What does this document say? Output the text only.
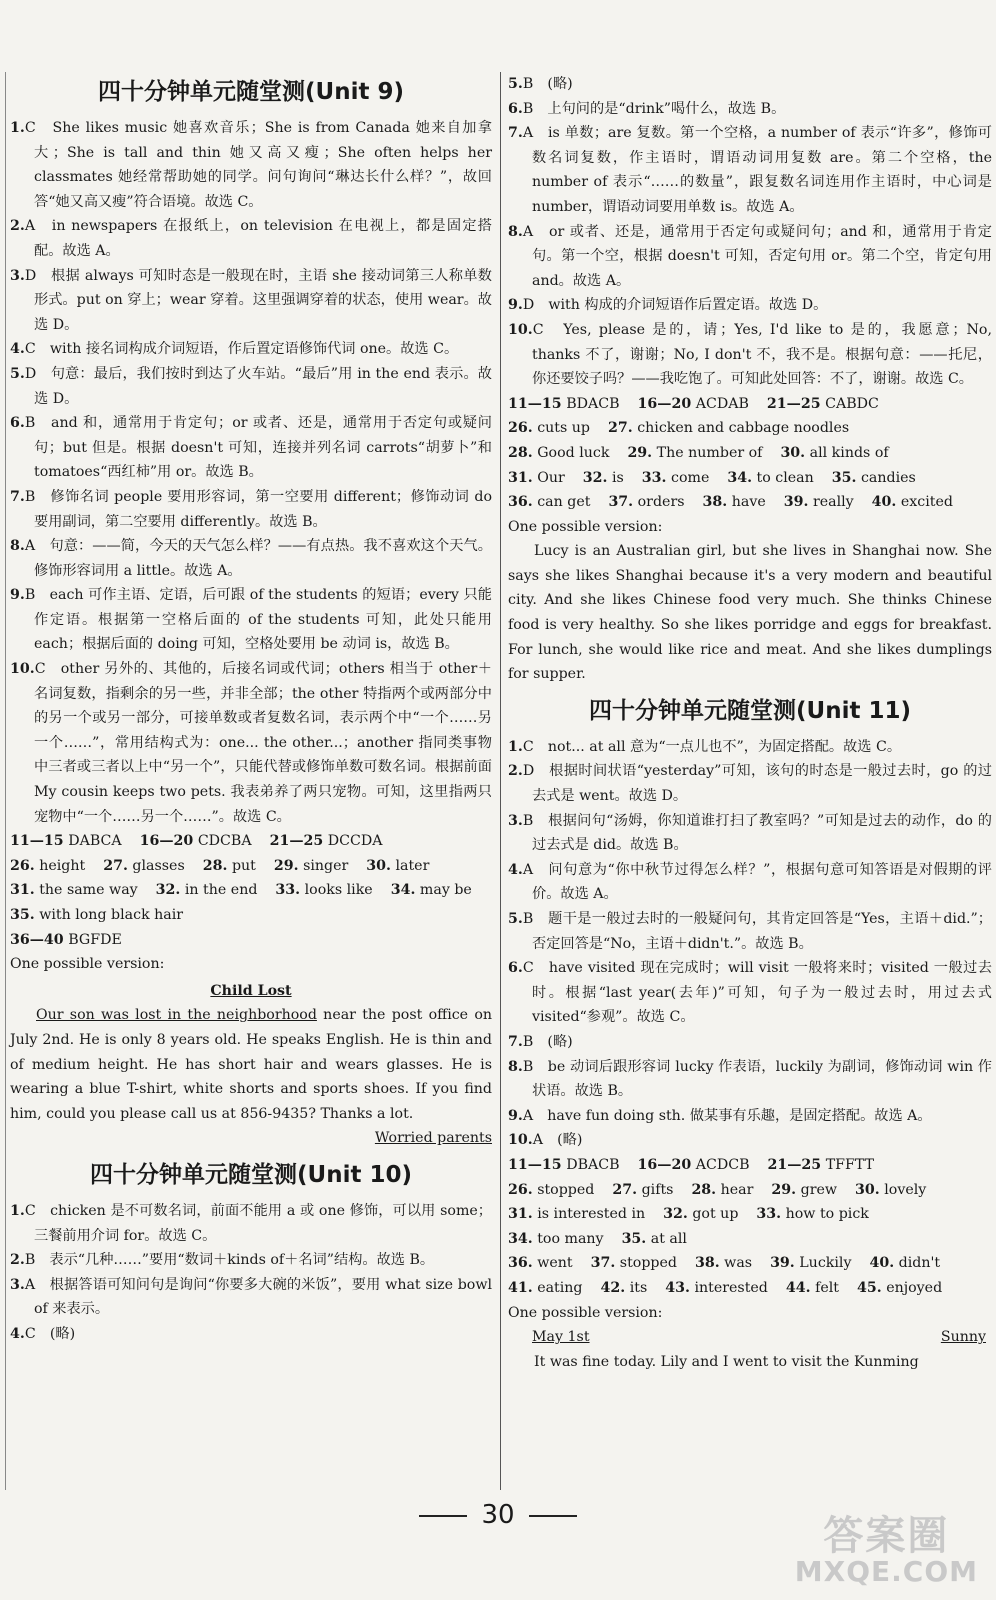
四十分钟单元随堂测(Unit 9)
1.C　She likes music 她喜欢音乐；She is from Canada 她来自加拿大；She is tall and thin 她又高又瘦；She often helps her classmates 她经常帮助她的同学。问句询问“琳达长什么样？”，故回答“她又高又瘦”符合语境。故选 C。
2.A　in newspapers 在报纸上，on television 在电视上，都是固定搭配。故选 A。
3.D　根据 always 可知时态是一般现在时，主语 she 接动词第三人称单数形式。put on 穿上；wear 穿着。这里强调穿着的状态，使用 wear。故选 D。
4.C　with 接名词构成介词短语，作后置定语修饰代词 one。故选 C。
5.D　句意：最后，我们按时到达了火车站。“最后”用 in the end 表示。故选 D。
6.B　and 和，通常用于肯定句；or 或者、还是，通常用于否定句或疑问句；but 但是。根据 doesn't 可知，连接并列名词 carrots“胡萝卜”和 tomatoes“西红柿”用 or。故选 B。
7.B　修饰名词 people 要用形容词，第一空要用 different；修饰动词 do 要用副词，第二空要用 differently。故选 B。
8.A　句意：——简，今天的天气怎么样？——有点热。我不喜欢这个天气。修饰形容词用 a little。故选 A。
9.B　each 可作主语、定语，后可跟 of the students 的短语；every 只能作定语。根据第一空格后面的 of the students 可知，此处只能用 each；根据后面的 doing 可知，空格处要用 be 动词 is，故选 B。
10.C　other 另外的、其他的，后接名词或代词；others 相当于 other＋名词复数，指剩余的另一些，并非全部；the other 特指两个或两部分中的另一个或另一部分，可接单数或者复数名词，表示两个中“一个……另一个……”，常用结构式为：one... the other...；another 指同类事物中三者或三者以上中“另一个”，只能代替或修饰单数可数名词。根据前面 My cousin keeps two pets. 我表弟养了两只宠物。可知，这里指两只宠物中“一个……另一个……”。故选 C。
11—15 DABCA 16—20 CDCBA 21—25 DCCDA
26. height 27. glasses 28. put 29. singer 30. later
31. the same way 32. in the end 33. looks like 34. may be
35. with long black hair
36—40 BGFDE
One possible version:
Child Lost
Our son was lost in the neighborhood near the post office on July 2nd. He is only 8 years old. He speaks English. He is thin and of medium height. He has short hair and wears glasses. He is wearing a blue T-shirt, white shorts and sports shoes. If you find him, could you please call us at 856-9435? Thanks a lot.
Worried parents
四十分钟单元随堂测(Unit 10)
1.C　chicken 是不可数名词，前面不能用 a 或 one 修饰，可以用 some；三餐前用介词 for。故选 C。
2.B　表示“几种……”要用“数词＋kinds of＋名词”结构。故选 B。
3.A　根据答语可知问句是询问“你要多大碗的米饭”，要用 what size bowl of 来表示。
4.C　(略)
5.B　(略)
6.B　上句问的是“drink”喝什么，故选 B。
7.A　is 单数；are 复数。第一个空格，a number of 表示“许多”，修饰可数名词复数，作主语时，谓语动词用复数 are。第二个空格，the number of 表示“……的数量”，跟复数名词连用作主语时，中心词是 number，谓语动词要用单数 is。故选 A。
8.A　or 或者、还是，通常用于否定句或疑问句；and 和，通常用于肯定句。第一个空，根据 doesn't 可知，否定句用 or。第二个空，肯定句用 and。故选 A。
9.D　with 构成的介词短语作后置定语。故选 D。
10.C　Yes, please 是的，请；Yes, I'd like to 是的，我愿意；No, thanks 不了，谢谢；No, I don't 不，我不是。根据句意：——托尼，你还要饺子吗？——我吃饱了。可知此处回答：不了，谢谢。故选 C。
11—15 BDACB 16—20 ACDAB 21—25 CABDC
26. cuts up 27. chicken and cabbage noodles
28. Good luck 29. The number of 30. all kinds of
31. Our 32. is 33. come 34. to clean 35. candies
36. can get 37. orders 38. have 39. really 40. excited
One possible version:
Lucy is an Australian girl, but she lives in Shanghai now. She says she likes Shanghai because it's a very modern and beautiful city. And she likes Chinese food very much. She thinks Chinese food is very healthy. So she likes porridge and eggs for breakfast. For lunch, she would like rice and meat. And she likes dumplings for supper.
四十分钟单元随堂测(Unit 11)
1.C　not... at all 意为“一点儿也不”，为固定搭配。故选 C。
2.D　根据时间状语“yesterday”可知，该句的时态是一般过去时，go 的过去式是 went。故选 D。
3.B　根据问句“汤姆，你知道谁打扫了教室吗？”可知是过去的动作，do 的过去式是 did。故选 B。
4.A　问句意为“你中秋节过得怎么样？”，根据句意可知答语是对假期的评价。故选 A。
5.B　题干是一般过去时的一般疑问句，其肯定回答是“Yes，主语＋did.”；否定回答是“No，主语＋didn't.”。故选 B。
6.C　have visited 现在完成时；will visit 一般将来时；visited 一般过去时。根据“last year(去年)”可知，句子为一般过去时，用过去式 visited“参观”。故选 C。
7.B　(略)
8.B　be 动词后跟形容词 lucky 作表语，luckily 为副词，修饰动词 win 作状语。故选 B。
9.A　have fun doing sth. 做某事有乐趣，是固定搭配。故选 A。
10.A　(略)
11—15 DBACB 16—20 ACDCB 21—25 TFFTT
26. stopped 27. gifts 28. hear 29. grew 30. lovely
31. is interested in 32. got up 33. how to pick
34. too many 35. at all
36. went 37. stopped 38. was 39. Luckily 40. didn't
41. eating 42. its 43. interested 44. felt 45. enjoyed
One possible version:
May 1st	Sunny
It was fine today. Lily and I went to visit the Kunming
30	答案圈
MXQE.COM
